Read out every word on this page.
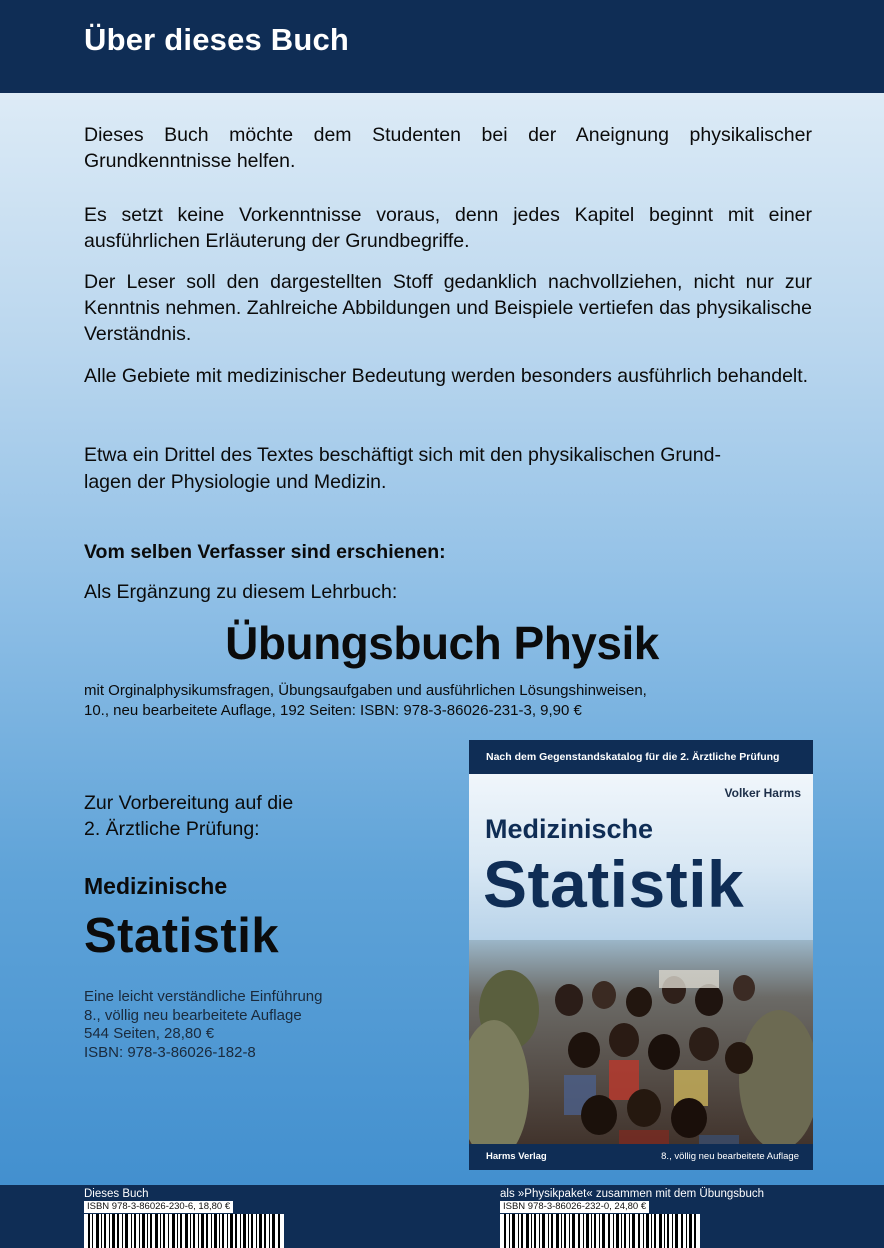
Über dieses Buch

Dieses Buch möchte dem Studenten bei der Aneignung physikalischer Grundkenntnisse helfen.

Es setzt keine Vorkenntnisse voraus, denn jedes Kapitel beginnt mit einer ausführlichen Erläuterung der Grundbegriffe.

Der Leser soll den dargestellten Stoff gedanklich nachvollziehen, nicht nur zur Kenntnis nehmen. Zahlreiche Abbildungen und Beispiele vertiefen das physikalische Verständnis.

Alle Gebiete mit medizinischer Bedeutung werden besonders ausführlich behandelt.

Etwa ein Drittel des Textes beschäftigt sich mit den physikalischen Grund-

lagen der Physiologie und Medizin.

Vom selben Verfasser sind erschienen:

Als Ergänzung zu diesem Lehrbuch:

Übungsbuch Physik

mit Orginalphysikumsfragen, Übungsaufgaben und ausführlichen Lösungshinweisen,

10., neu bearbeitete Auflage, 192 Seiten: ISBN: 978-3-86026-231-3, 9,90 €

Zur Vorbereitung auf die

2. Ärztliche Prüfung:

Medizinische
Statistik
Eine leicht verständliche Einführung
8., völlig neu bearbeitete Auflage
544 Seiten, 28,80 €
ISBN: 978-3-86026-182-8
Nach dem Gegenstandskatalog für die 2. Ärztliche Prüfung
Volker Harms
Medizinische
Statistik
Harms Verlag	8., völlig neu bearbeitete Auflage
Dieses Buch
ISBN 978-3-86026-230-6, 18,80 €
als »Physikpaket« zusammen mit dem Übungsbuch
ISBN 978-3-86026-232-0, 24,80 €
